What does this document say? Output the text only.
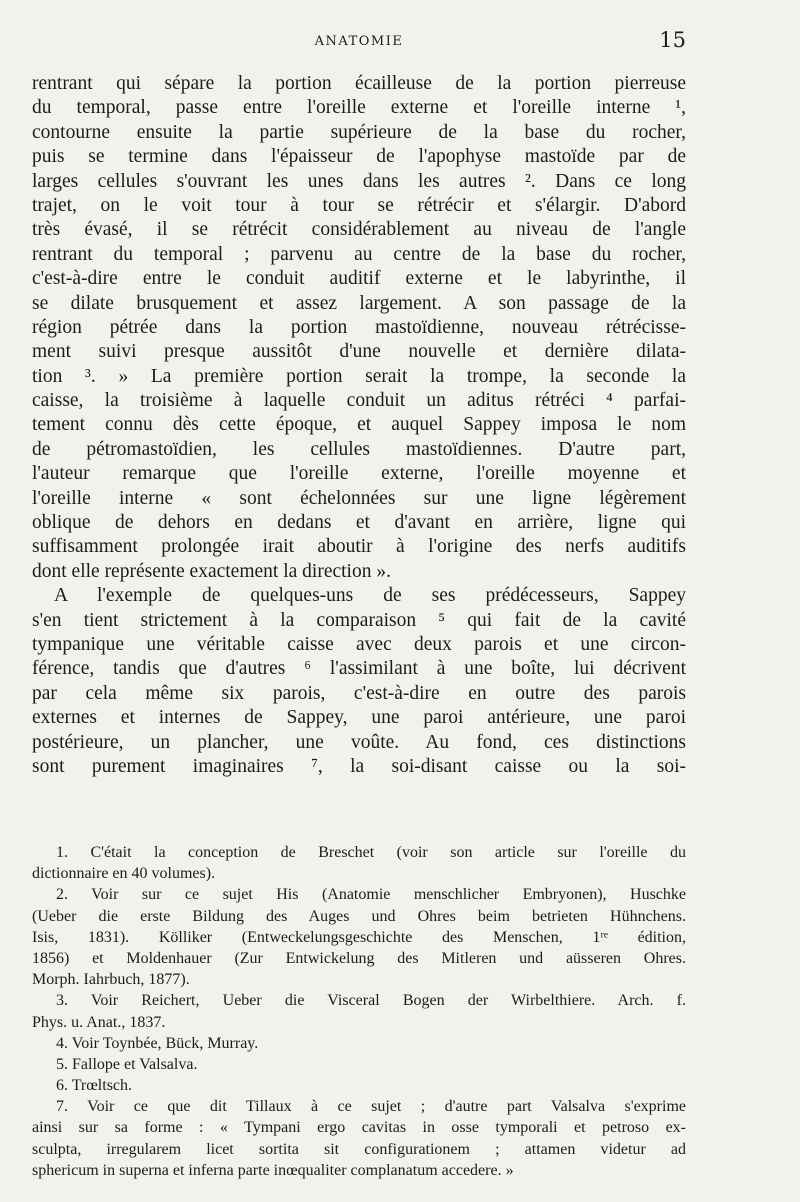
ANATOMIE	15
rentrant qui sépare la portion écailleuse de la portion pierreuse
du temporal, passe entre l'oreille externe et l'oreille interne ¹,
contourne ensuite la partie supérieure de la base du rocher,
puis se termine dans l'épaisseur de l'apophyse mastoïde par de
larges cellules s'ouvrant les unes dans les autres ². Dans ce long
trajet, on le voit tour à tour se rétrécir et s'élargir. D'abord
très évasé, il se rétrécit considérablement au niveau de l'angle
rentrant du temporal ; parvenu au centre de la base du rocher,
c'est-à-dire entre le conduit auditif externe et le labyrinthe, il
se dilate brusquement et assez largement. A son passage de la
région pétrée dans la portion mastoïdienne, nouveau rétrécisse-
ment suivi presque aussitôt d'une nouvelle et dernière dilata-
tion ³. » La première portion serait la trompe, la seconde la
caisse, la troisième à laquelle conduit un aditus rétréci ⁴ parfai-
tement connu dès cette époque, et auquel Sappey imposa le nom
de pétromastoïdien, les cellules mastoïdiennes. D'autre part,
l'auteur remarque que l'oreille externe, l'oreille moyenne et
l'oreille interne « sont échelonnées sur une ligne légèrement
oblique de dehors en dedans et d'avant en arrière, ligne qui
suffisamment prolongée irait aboutir à l'origine des nerfs auditifs
dont elle représente exactement la direction ».
A l'exemple de quelques-uns de ses prédécesseurs, Sappey
s'en tient strictement à la comparaison ⁵ qui fait de la cavité
tympanique une véritable caisse avec deux parois et une circon-
férence, tandis que d'autres ⁶ l'assimilant à une boîte, lui décrivent
par cela même six parois, c'est-à-dire en outre des parois
externes et internes de Sappey, une paroi antérieure, une paroi
postérieure, un plancher, une voûte. Au fond, ces distinctions
sont purement imaginaires ⁷, la soi-disant caisse ou la soi-
1. C'était la conception de Breschet (voir son article sur l'oreille du
dictionnaire en 40 volumes).
2. Voir sur ce sujet His (Anatomie menschlicher Embryonen), Huschke
(Ueber die erste Bildung des Auges und Ohres beim betrieten Hühnchens.
Isis, 1831). Kölliker (Entweckelungsgeschichte des Menschen, 1ʳᵉ édition,
1856) et Moldenhauer (Zur Entwickelung des Mitleren und aüsseren Ohres.
Morph. Iahrbuch, 1877).
3. Voir Reichert, Ueber die Visceral Bogen der Wirbelthiere. Arch. f.
Phys. u. Anat., 1837.
4. Voir Toynbée, Bück, Murray.
5. Fallope et Valsalva.
6. Trœltsch.
7. Voir ce que dit Tillaux à ce sujet ; d'autre part Valsalva s'exprime
ainsi sur sa forme : « Tympani ergo cavitas in osse tymporali et petroso ex-
sculpta, irregularem licet sortita sit configurationem ; attamen videtur ad
sphericum in superna et inferna parte inœqualiter complanatum accedere. »
